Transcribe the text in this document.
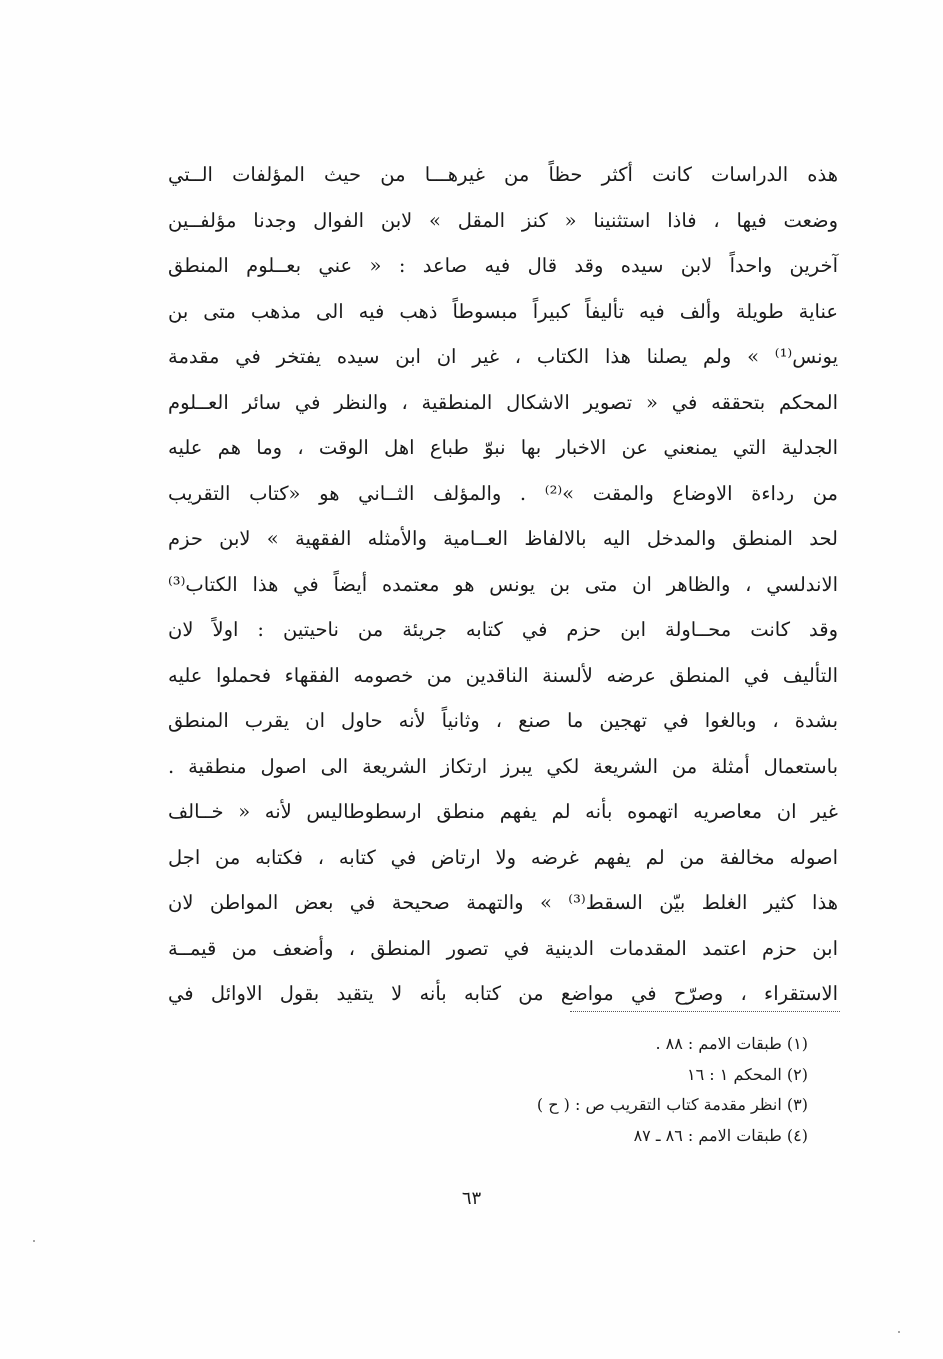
هذه الدراسات كانت أكثر حظاً من غيرهـــا من حيث المؤلفات الــتي
وضعت فيها ، فاذا استثنينا « كنز المقل » لابن الفوال وجدنا مؤلفــين
آخرين واحداً لابن سيده وقد قال فيه صاعد : « عني بعــلوم المنطق
عناية طويلة وألف فيه تأليفاً كبيراً مبسوطاً ذهب فيه الى مذهب متى بن
يونس⁽¹⁾ » ولم يصلنا هذا الكتاب ، غير ان ابن سيده يفتخر في مقدمة
المحكم بتحققه في « تصوير الاشكال المنطقية ، والنظر في سائر العــلوم
الجدلية التي يمنعني عن الاخبار بها نبوّ طباع اهل الوقت ، وما هم عليه
من رداءة الاوضاع والمقت »⁽²⁾ . والمؤلف الثــاني هو «كتاب التقريب
لحد المنطق والمدخل اليه بالالفاظ العــامية والأمثله الفقهية » لابن حزم
الاندلسي ، والظاهر ان متى بن يونس هو معتمده أيضاً في هذا الكتاب⁽³⁾
وقد كانت محــاولة ابن حزم في كتابه جريئة من ناحيتين : اولاً لان
التأليف في المنطق عرضه لألسنة الناقدين من خصومه الفقهاء فحملوا عليه
بشدة ، وبالغوا في تهجين ما صنع ، وثانياً لأنه حاول ان يقرب المنطق
باستعمال أمثلة من الشريعة لكي يبرز ارتكاز الشريعة الى اصول منطقية .
غير ان معاصريه اتهموه بأنه لم يفهم منطق ارسطوطاليس لأنه « خــالف
اصوله مخالفة من لم يفهم غرضه ولا ارتاض في كتابه ، فكتابه من اجل
هذا كثير الغلط بيّن السقط⁽³⁾ » والتهمة صحيحة في بعض المواطن لان
ابن حزم اعتمد المقدمات الدينية في تصور المنطق ، وأضعف من قيمــة
الاستقراء ، وصرّح في مواضع من كتابه بأنه لا يتقيد بقول الاوائل في
(١) طبقات الامم : ٨٨ .
(٢) المحكم ١ : ١٦
(٣) انظر مقدمة كتاب التقريب ص : ( ح )
(٤) طبقات الامم : ٨٦ ـ ٨٧
٦٣
